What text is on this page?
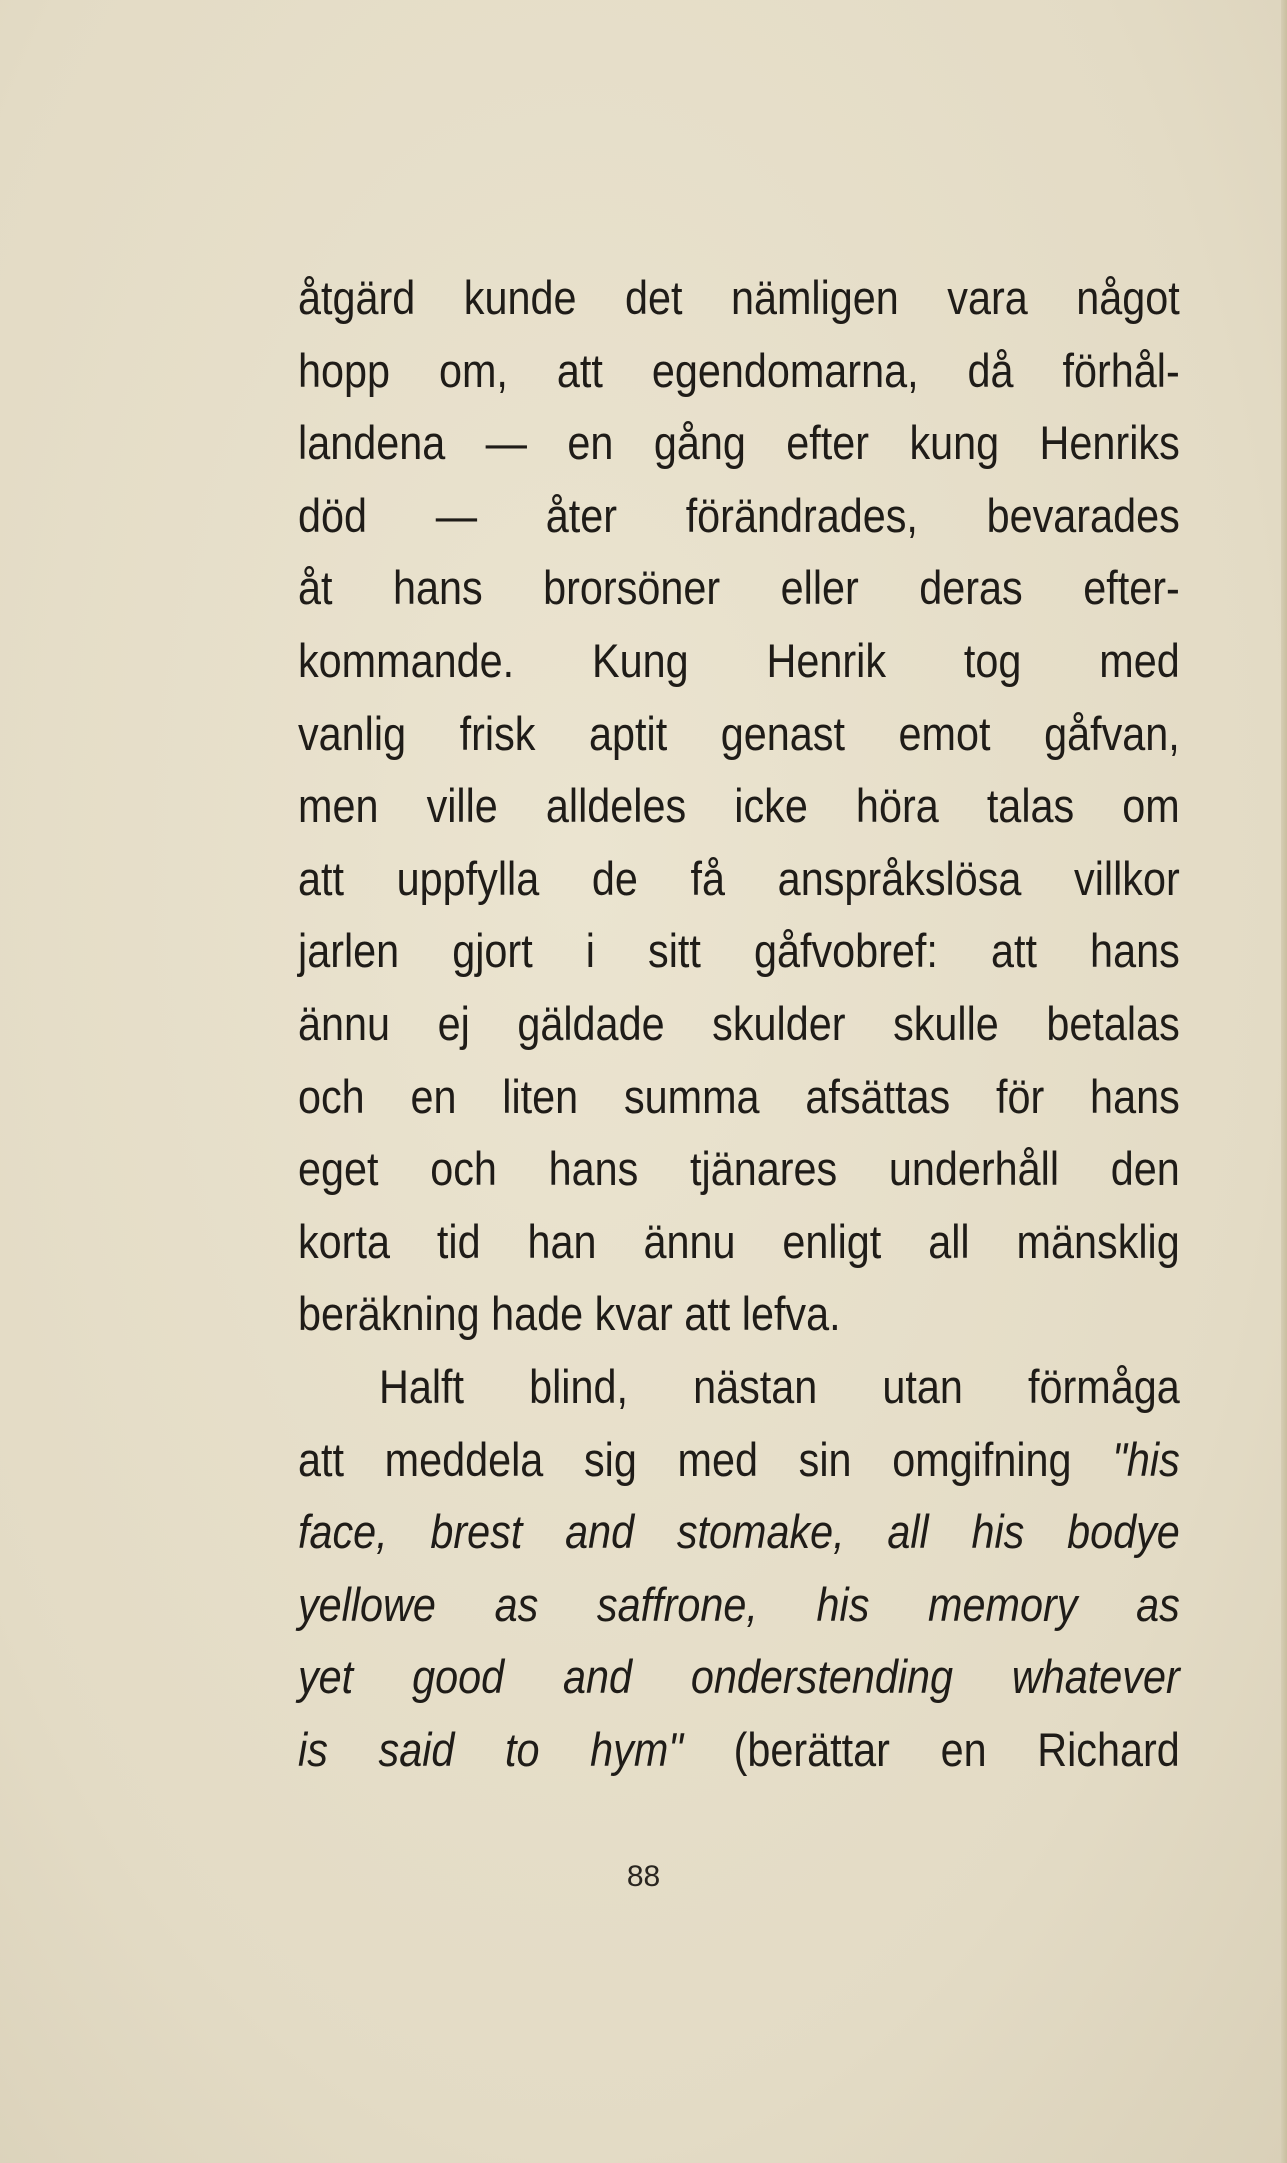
åtgärd kunde det nämligen vara något
hopp om, att egendomarna, då förhål-
landena — en gång efter kung Henriks
död — åter förändrades, bevarades
åt hans brorsöner eller deras efter-
kommande. Kung Henrik tog med
vanlig frisk aptit genast emot gåfvan,
men ville alldeles icke höra talas om
att uppfylla de få anspråkslösa villkor
jarlen gjort i sitt gåfvobref: att hans
ännu ej gäldade skulder skulle betalas
och en liten summa afsättas för hans
eget och hans tjänares underhåll den
korta tid han ännu enligt all mänsklig
beräkning hade kvar att lefva.
Halft blind, nästan utan förmåga
att meddela sig med sin omgifning "his
face, brest and stomake, all his bodye
yellowe as saffrone, his memory as
yet good and onderstending whatever
is said to hym" (berättar en Richard
88
